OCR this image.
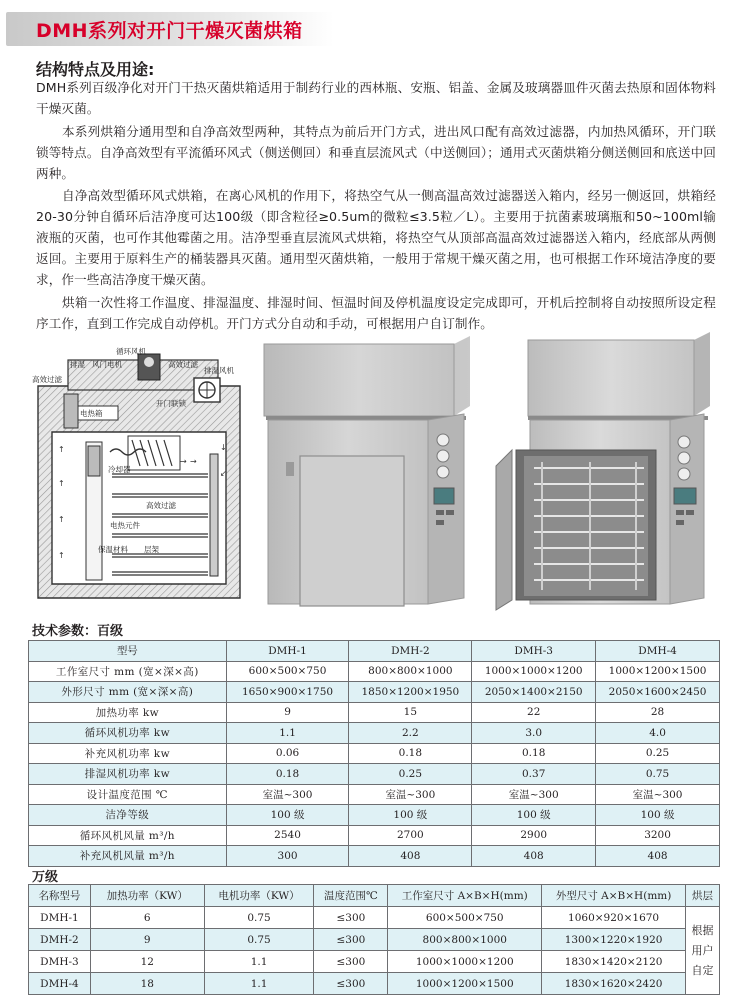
DMH系列对开门干燥灭菌烘箱
结构特点及用途:
DMH系列百级净化对开门干热灭菌烘箱适用于制药行业的西林瓶、安瓶、铝盖、金属及玻璃器皿件灭菌去热原和固体物料干燥灭菌。
本系列烘箱分通用型和自净高效型两种，其特点为前后开门方式，进出风口配有高效过滤器，内加热风循环，开门联锁等特点。自净高效型有平流循环风式（侧送侧回）和垂直层流风式（中送侧回）；通用式灭菌烘箱分侧送侧回和底送中回两种。
自净高效型循环风式烘箱，在离心风机的作用下，将热空气从一侧高温高效过滤器送入箱内，经另一侧返回，烘箱经20-30分钟自循环后洁净度可达100级（即含粒径≥0.5um的微粒≤3.5粒／L）。主要用于抗菌素玻璃瓶和50~100ml输液瓶的灭菌，也可作其他霉菌之用。洁净型垂直层流风式烘箱，将热空气从顶部高温高效过滤器送入箱内，经底部从两侧返回。主要用于原料生产的桶装器具灭菌。通用型灭菌烘箱，一般用于常规干燥灭菌之用，也可根据工作环境洁净度的要求，作一些高洁净度干燥灭菌。
烘箱一次性将工作温度、排湿温度、排湿时间、恒温时间及停机温度设定完成即可，开机后控制将自动按照所设定程序工作，直到工作完成自动停机。开门方式分自动和手动，可根据用户自订制作。
↑
↑
↑
↑
↓
↙
→ →
循环风机
排湿 风门电机	高效过滤
排湿风机
高效过滤
电热箱
开门联锁
冷却器
高效过滤
电热元件
保温材料 层架
技术参数：百级
型号	DMH-1	DMH-2	DMH-3	DMH-4
工作室尺寸 mm (宽×深×高)	600×500×750	800×800×1000	1000×1000×1200	1000×1200×1500
外形尺寸 mm (宽×深×高)	1650×900×1750	1850×1200×1950	2050×1400×2150	2050×1600×2450
加热功率 kw	9	15	22	28
循环风机功率 kw	1.1	2.2	3.0	4.0
补充风机功率 kw	0.06	0.18	0.18	0.25
排湿风机功率 kw	0.18	0.25	0.37	0.75
设计温度范围 ℃	室温~300	室温~300	室温~300	室温~300
洁净等级	100 级	100 级	100 级	100 级
循环风机风量 m³/h	2540	2700	2900	3200
补充风机风量 m³/h	300	408	408	408
万级
名称型号	加热功率（KW）	电机功率（KW）	温度范围℃	工作室尺寸 A×B×H(mm)	外型尺寸 A×B×H(mm)	烘层
DMH-1	6	0.75	≤300	600×500×750	1060×920×1670	根据用户自定
DMH-2	9	0.75	≤300	800×800×1000	1300×1220×1920	
DMH-3	12	1.1	≤300	1000×1000×1200	1830×1420×2120	
DMH-4	18	1.1	≤300	1000×1200×1500	1830×1620×2420	
